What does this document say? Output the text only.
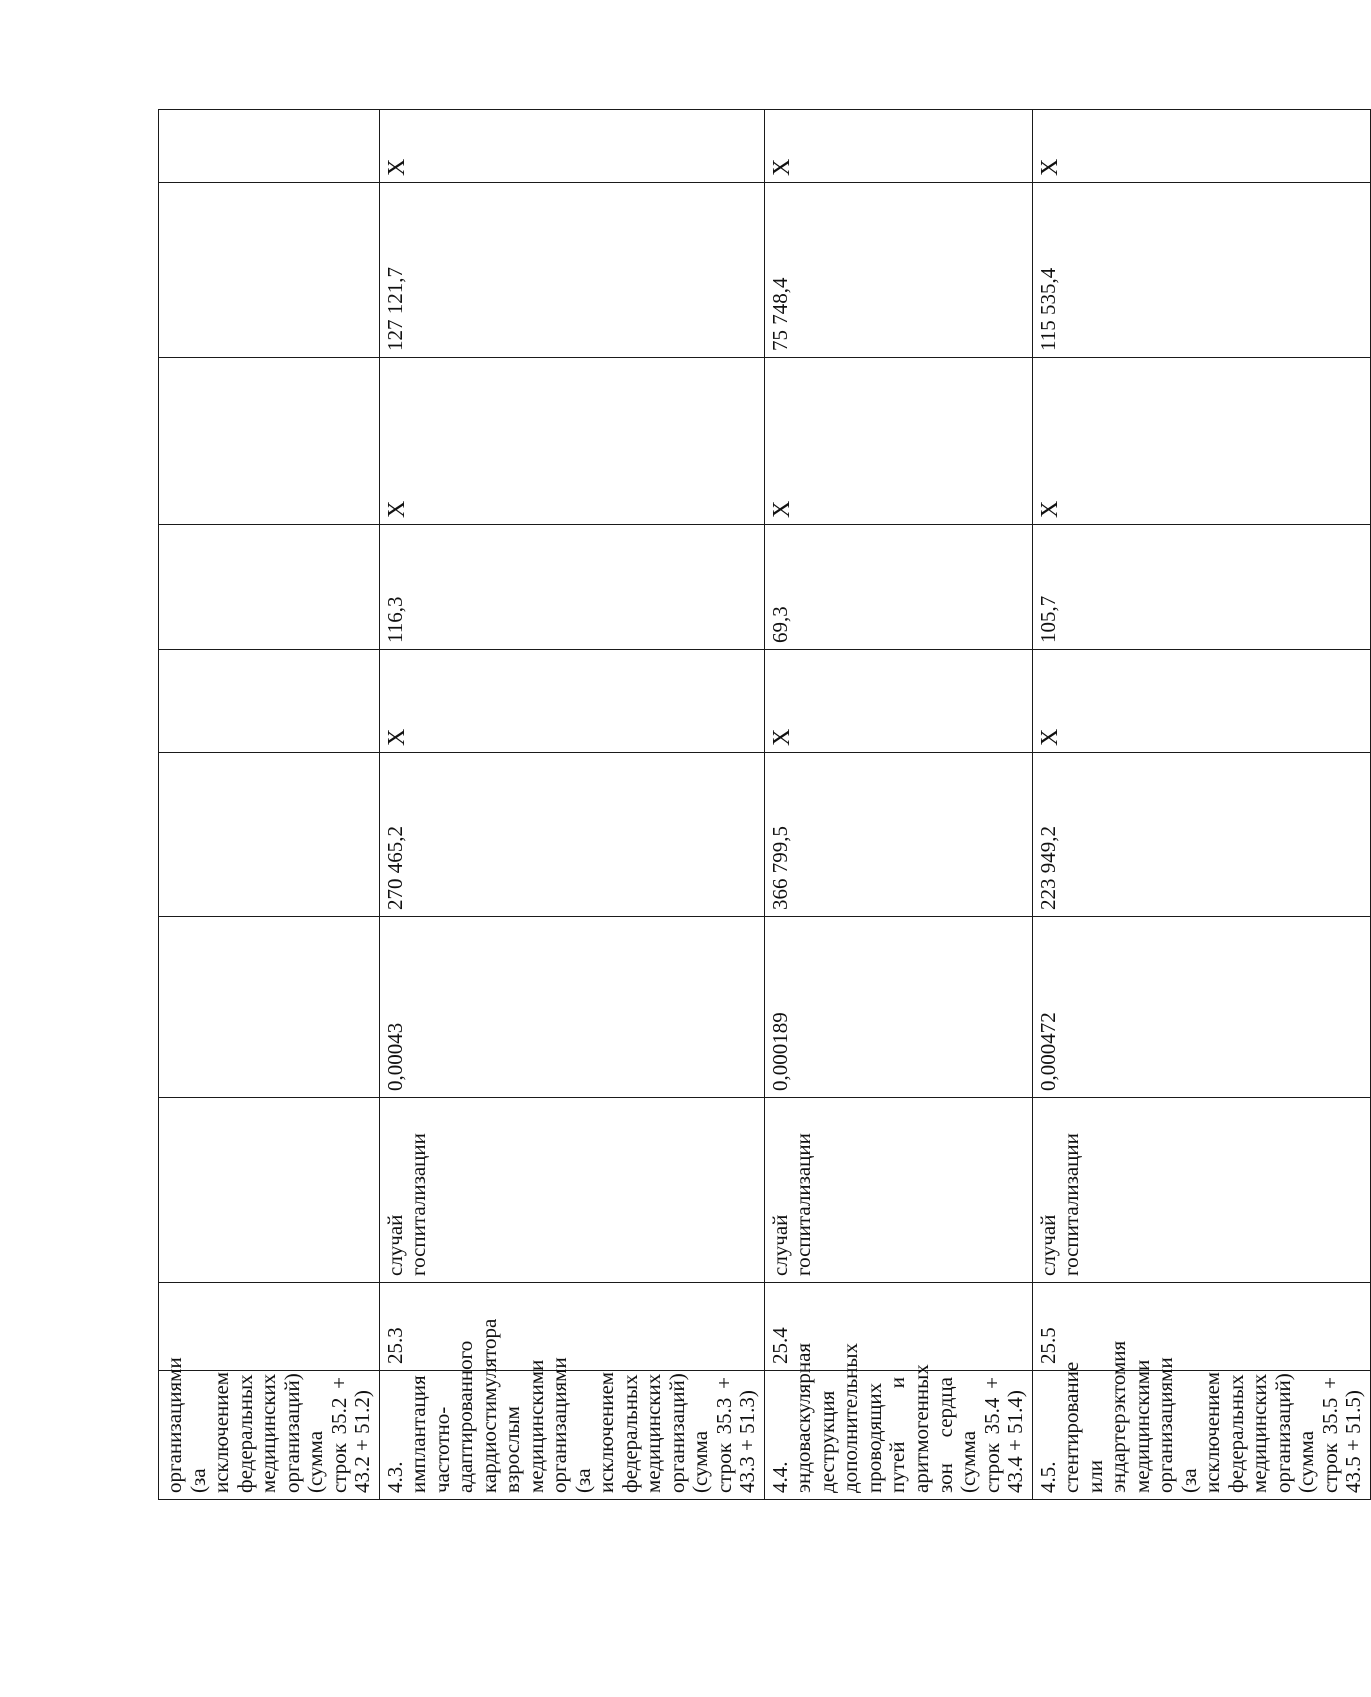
организациями (за исключением федеральных медицинских организаций) (сумма строк 35.2 + 43.2 + 51.2)									
4.3. имплантация частотно-адаптированного кардиостимулятора взрослым медицинскими организациями (за исключением федеральных медицинских организаций) (сумма строк 35.3 + 43.3 + 51.3)	25.3	случай госпитализации	0,00043	270 465,2	X	116,3	X	127 121,7	X
4.4. эндоваскулярная деструкция дополнительных проводящих путей и аритмогенных зон сердца (сумма строк 35.4 + 43.4 + 51.4)	25.4	случай госпитализации	0,000189	366 799,5	X	69,3	X	75 748,4	X
4.5. стентирование или эндартерэктомия медицинскими организациями (за исключением федеральных медицинских организаций) (сумма строк 35.5 + 43.5 + 51.5)	25.5	случай госпитализации	0,000472	223 949,2	X	105,7	X	115 535,4	X
